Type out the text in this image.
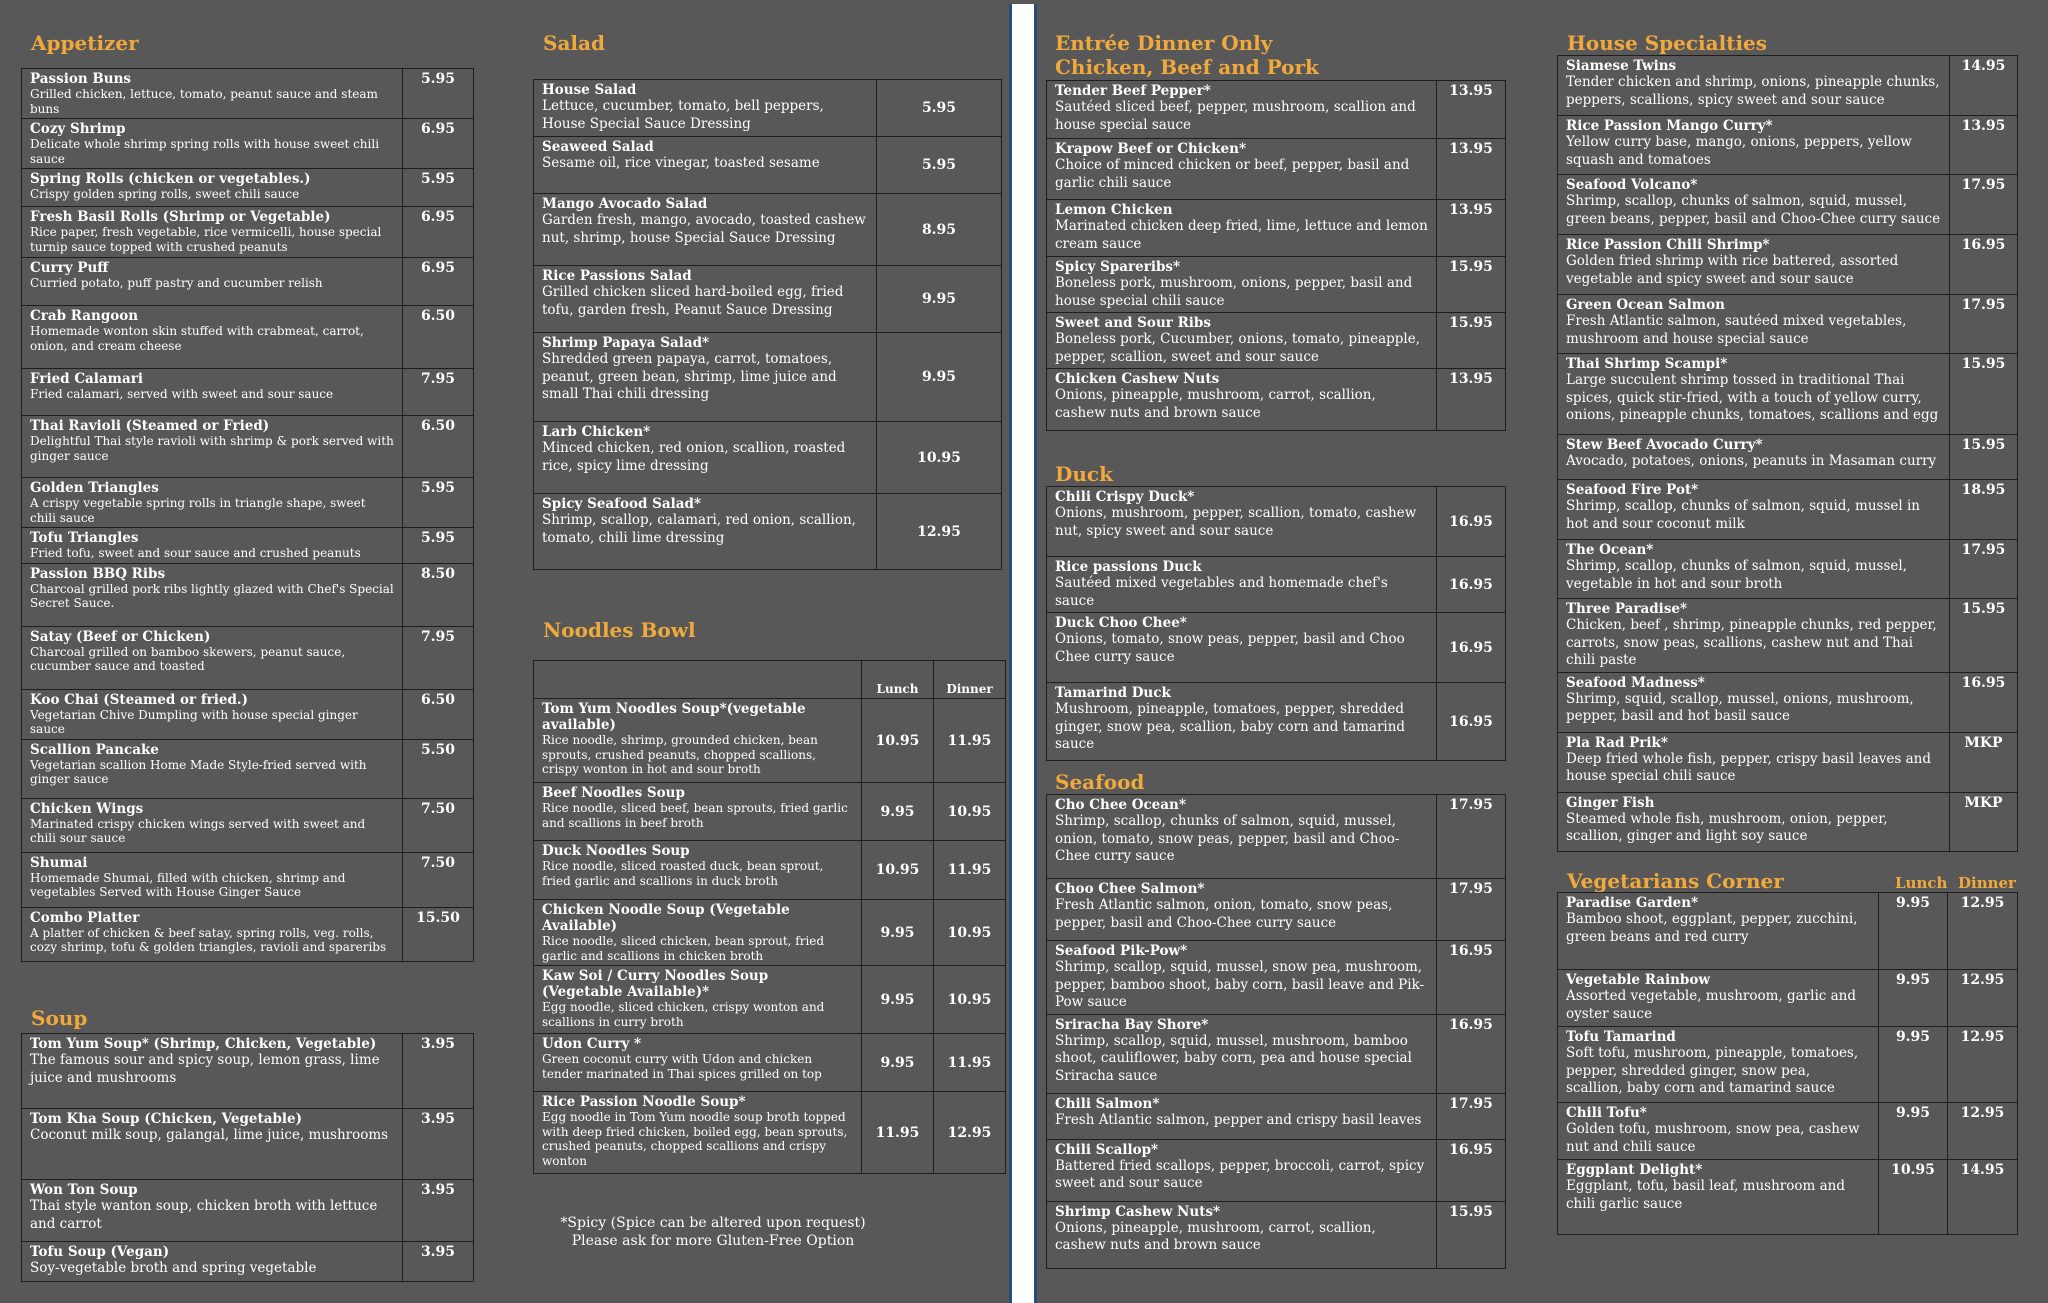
Appetizer
Passion Buns
Grilled chicken, lettuce, tomato, peanut sauce and steam buns	5.95

Cozy Shrimp
Delicate whole shrimp spring rolls with house sweet chili sauce	6.95

Spring Rolls (chicken or vegetables.)
Crispy golden spring rolls, sweet chili sauce	5.95

Fresh Basil Rolls (Shrimp or Vegetable)
Rice paper, fresh vegetable, rice vermicelli, house special turnip sauce topped with crushed peanuts	6.95

Curry Puff
Curried potato, puff pastry and cucumber relish	6.95

Crab Rangoon
Homemade wonton skin stuffed with crabmeat, carrot, onion, and cream cheese	6.50

Fried Calamari
Fried calamari, served with sweet and sour sauce	7.95

Thai Ravioli (Steamed or Fried)
Delightful Thai style ravioli with shrimp & pork served with ginger sauce	6.50

Golden Triangles
A crispy vegetable spring rolls in triangle shape, sweet chili sauce	5.95

Tofu Triangles
Fried tofu, sweet and sour sauce and crushed peanuts	5.95

Passion BBQ Ribs
Charcoal grilled pork ribs lightly glazed with Chef's Special Secret Sauce.	8.50

Satay (Beef or Chicken)
Charcoal grilled on bamboo skewers, peanut sauce, cucumber sauce and toasted	7.95

Koo Chai (Steamed or fried.)
Vegetarian Chive Dumpling with house special ginger sauce	6.50

Scallion Pancake
Vegetarian scallion Home Made Style-fried served with ginger sauce	5.50

Chicken Wings
Marinated crispy chicken wings served with sweet and chili sour sauce	7.50

Shumai
Homemade Shumai, filled with chicken, shrimp and vegetables Served with House Ginger Sauce	7.50

Combo Platter
A platter of chicken & beef satay, spring rolls, veg. rolls, cozy shrimp, tofu & golden triangles, ravioli and spareribs	15.50
Soup
Tom Yum Soup* (Shrimp, Chicken, Vegetable)
The famous sour and spicy soup, lemon grass, lime juice and mushrooms	3.95

Tom Kha Soup (Chicken, Vegetable)
Coconut milk soup, galangal, lime juice, mushrooms	3.95

Won Ton Soup
Thai style wanton soup, chicken broth with lettuce and carrot	3.95

Tofu Soup (Vegan)
Soy-vegetable broth and spring vegetable	3.95
Salad
House Salad
Lettuce, cucumber, tomato, bell peppers, House Special Sauce Dressing	5.95

Seaweed Salad
Sesame oil, rice vinegar, toasted sesame	5.95

Mango Avocado Salad
Garden fresh, mango, avocado, toasted cashew nut, shrimp, house Special Sauce Dressing	8.95

Rice Passions Salad
Grilled chicken sliced hard-boiled egg, fried tofu, garden fresh, Peanut Sauce Dressing	9.95

Shrimp Papaya Salad*
Shredded green papaya, carrot, tomatoes, peanut, green bean, shrimp, lime juice and small Thai chili dressing	9.95

Larb Chicken*
Minced chicken, red onion, scallion, roasted rice, spicy lime dressing	10.95

Spicy Seafood Salad*
Shrimp, scallop, calamari, red onion, scallion, tomato, chili lime dressing	12.95
Noodles Bowl
	Lunch	Dinner

Tom Yum Noodles Soup*(vegetable available)
Rice noodle, shrimp, grounded chicken, bean sprouts, crushed peanuts, chopped scallions, crispy wonton in hot and sour broth	10.95	11.95

Beef Noodles Soup
Rice noodle, sliced beef, bean sprouts, fried garlic and scallions in beef broth	9.95	10.95

Duck Noodles Soup
Rice noodle, sliced roasted duck, bean sprout, fried garlic and scallions in duck broth	10.95	11.95

Chicken Noodle Soup (Vegetable Available)
Rice noodle, sliced chicken, bean sprout, fried garlic and scallions in chicken broth	9.95	10.95

Kaw Soi / Curry Noodles Soup (Vegetable Available)*
Egg noodle, sliced chicken, crispy wonton and scallions in curry broth	9.95	10.95

Udon Curry *
Green coconut curry with Udon and chicken tender marinated in Thai spices grilled on top	9.95	11.95

Rice Passion Noodle Soup*
Egg noodle in Tom Yum noodle soup broth topped with deep fried chicken, boiled egg, bean sprouts, crushed peanuts, chopped scallions and crispy wonton	11.95	12.95
*Spicy (Spice can be altered upon request)
Please ask for more Gluten-Free Option
Entrée Dinner Only
Chicken, Beef and Pork
Tender Beef Pepper*
Sautéed sliced beef, pepper, mushroom, scallion and house special sauce	13.95

Krapow Beef or Chicken*
Choice of minced chicken or beef, pepper, basil and garlic chili sauce	13.95

Lemon Chicken
Marinated chicken deep fried, lime, lettuce and lemon cream sauce	13.95

Spicy Spareribs*
Boneless pork, mushroom, onions, pepper, basil and house special chili sauce	15.95

Sweet and Sour Ribs
Boneless pork, Cucumber, onions, tomato, pineapple, pepper, scallion, sweet and sour sauce	15.95

Chicken Cashew Nuts
Onions, pineapple, mushroom, carrot, scallion, cashew nuts and brown sauce	13.95
Duck
Chili Crispy Duck*
Onions, mushroom, pepper, scallion, tomato, cashew nut, spicy sweet and sour sauce	16.95

Rice passions Duck
Sautéed mixed vegetables and homemade chef's sauce	16.95

Duck Choo Chee*
Onions, tomato, snow peas, pepper, basil and Choo Chee curry sauce	16.95

Tamarind Duck
Mushroom, pineapple, tomatoes, pepper, shredded ginger, snow pea, scallion, baby corn and tamarind sauce	16.95
Seafood
Cho Chee Ocean*
Shrimp, scallop, chunks of salmon, squid, mussel, onion, tomato, snow peas, pepper, basil and Choo-Chee curry sauce	17.95

Choo Chee Salmon*
Fresh Atlantic salmon, onion, tomato, snow peas, pepper, basil and Choo-Chee curry sauce	17.95

Seafood Pik-Pow*
Shrimp, scallop, squid, mussel, snow pea, mushroom, pepper, bamboo shoot, baby corn, basil leave and Pik-Pow sauce	16.95

Sriracha Bay Shore*
Shrimp, scallop, squid, mussel, mushroom, bamboo shoot, cauliflower, baby corn, pea and house special Sriracha sauce	16.95

Chili Salmon*
Fresh Atlantic salmon, pepper and crispy basil leaves	17.95

Chili Scallop*
Battered fried scallops, pepper, broccoli, carrot, spicy sweet and sour sauce	16.95

Shrimp Cashew Nuts*
Onions, pineapple, mushroom, carrot, scallion, cashew nuts and brown sauce	15.95
House Specialties
Siamese Twins
Tender chicken and shrimp, onions, pineapple chunks, peppers, scallions, spicy sweet and sour sauce	14.95

Rice Passion Mango Curry*
Yellow curry base, mango, onions, peppers, yellow squash and tomatoes	13.95

Seafood Volcano*
Shrimp, scallop, chunks of salmon, squid, mussel, green beans, pepper, basil and Choo-Chee curry sauce	17.95

Rice Passion Chili Shrimp*
Golden fried shrimp with rice battered, assorted vegetable and spicy sweet and sour sauce	16.95

Green Ocean Salmon
Fresh Atlantic salmon, sautéed mixed vegetables, mushroom and house special sauce	17.95

Thai Shrimp Scampi*
Large succulent shrimp tossed in traditional Thai spices, quick stir-fried, with a touch of yellow curry, onions, pineapple chunks, tomatoes, scallions and egg	15.95

Stew Beef Avocado Curry*
Avocado, potatoes, onions, peanuts in Masaman curry	15.95

Seafood Fire Pot*
Shrimp, scallop, chunks of salmon, squid, mussel in hot and sour coconut milk	18.95

The Ocean*
Shrimp, scallop, chunks of salmon, squid, mussel, vegetable in hot and sour broth	17.95

Three Paradise*
Chicken, beef , shrimp, pineapple chunks, red pepper, carrots, snow peas, scallions, cashew nut and Thai chili paste	15.95

Seafood Madness*
Shrimp, squid, scallop, mussel, onions, mushroom, pepper, basil and hot basil sauce	16.95

Pla Rad Prik*
Deep fried whole fish, pepper, crispy basil leaves and house special chili sauce	MKP

Ginger Fish
Steamed whole fish, mushroom, onion, pepper, scallion, ginger and light soy sauce	MKP
Vegetarians Corner	Lunch Dinner
Paradise Garden*
Bamboo shoot, eggplant, pepper, zucchini, green beans and red curry	9.95	12.95

Vegetable Rainbow
Assorted vegetable, mushroom, garlic and oyster sauce	9.95	12.95

Tofu Tamarind
Soft tofu, mushroom, pineapple, tomatoes, pepper, shredded ginger, snow pea, scallion, baby corn and tamarind sauce	9.95	12.95

Chili Tofu*
Golden tofu, mushroom, snow pea, cashew nut and chili sauce	9.95	12.95

Eggplant Delight*
Eggplant, tofu, basil leaf, mushroom and chili garlic sauce	10.95	14.95
